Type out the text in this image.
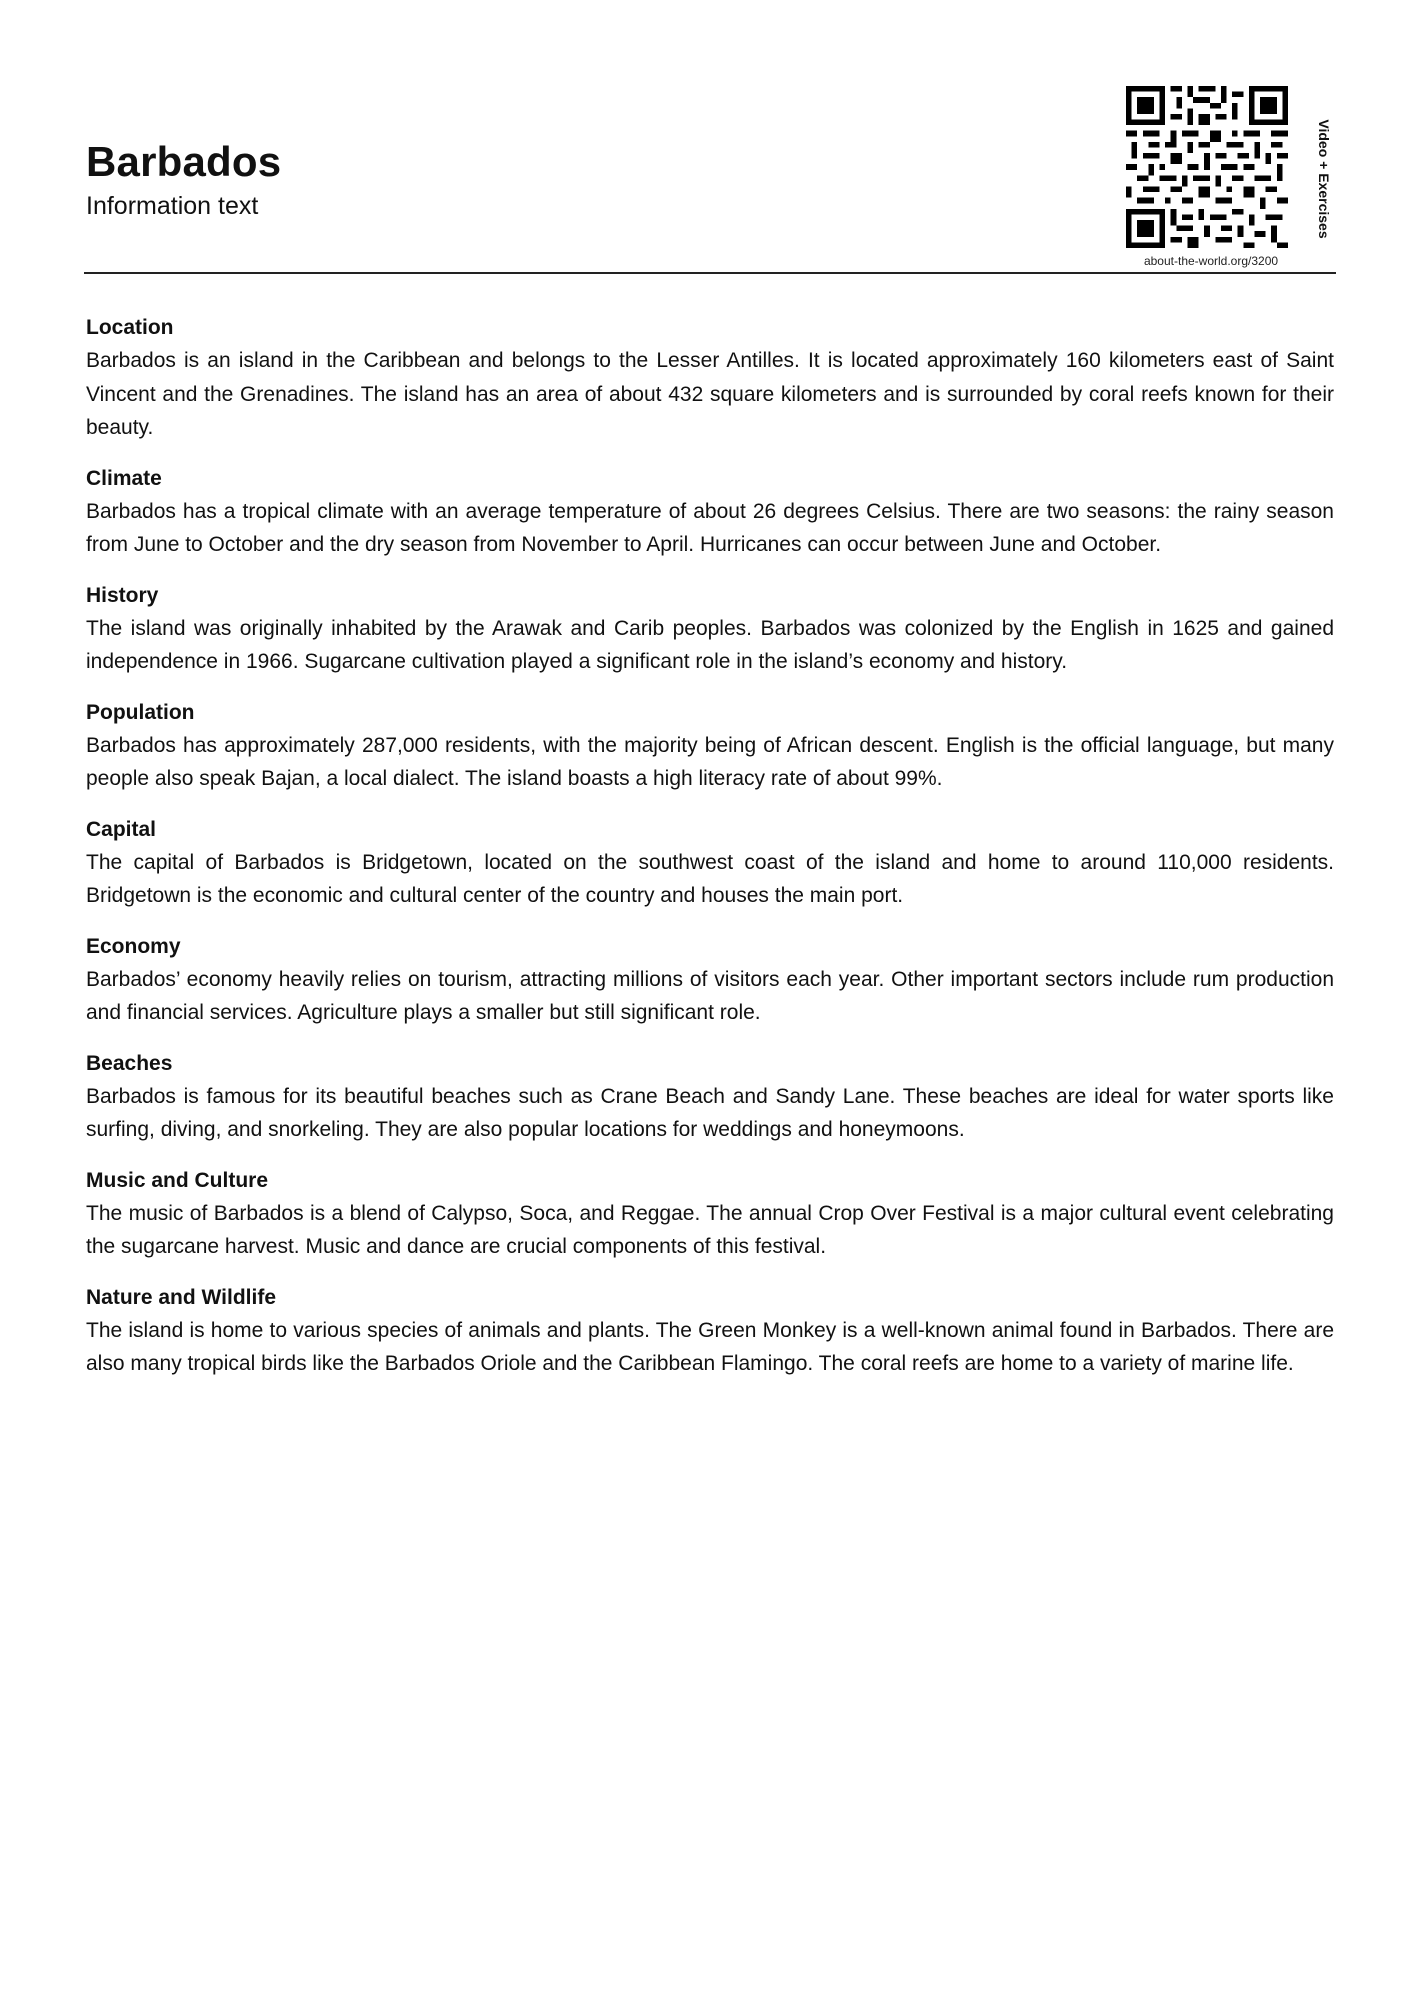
Barbados
Information text
about-the-world.org/3200
Video + Exercises
Location

Barbados is an island in the Caribbean and belongs to the Lesser Antilles. It is located approximately 160 kilometers east of Saint Vincent and the Grenadines. The island has an area of about 432 square kilometers and is surrounded by coral reefs known for their beauty.

Climate

Barbados has a tropical climate with an average temperature of about 26 degrees Celsius. There are two seasons: the rainy season from June to October and the dry season from November to April. Hurricanes can occur between June and October.

History

The island was originally inhabited by the Arawak and Carib peoples. Barbados was colonized by the English in 1625 and gained independence in 1966. Sugarcane cultivation played a significant role in the island’s economy and history.

Population

Barbados has approximately 287,000 residents, with the majority being of African descent. English is the official language, but many people also speak Bajan, a local dialect. The island boasts a high literacy rate of about 99%.

Capital

The capital of Barbados is Bridgetown, located on the southwest coast of the island and home to around 110,000 residents. Bridgetown is the economic and cultural center of the country and houses the main port.

Economy

Barbados’ economy heavily relies on tourism, attracting millions of visitors each year. Other important sectors include rum production and financial services. Agriculture plays a smaller but still significant role.

Beaches

Barbados is famous for its beautiful beaches such as Crane Beach and Sandy Lane. These beaches are ideal for water sports like surfing, diving, and snorkeling. They are also popular locations for weddings and honeymoons.

Music and Culture

The music of Barbados is a blend of Calypso, Soca, and Reggae. The annual Crop Over Festival is a major cultural event celebrating the sugarcane harvest. Music and dance are crucial components of this festival.

Nature and Wildlife

The island is home to various species of animals and plants. The Green Monkey is a well-known animal found in Barbados. There are also many tropical birds like the Barbados Oriole and the Caribbean Flamingo. The coral reefs are home to a variety of marine life.
